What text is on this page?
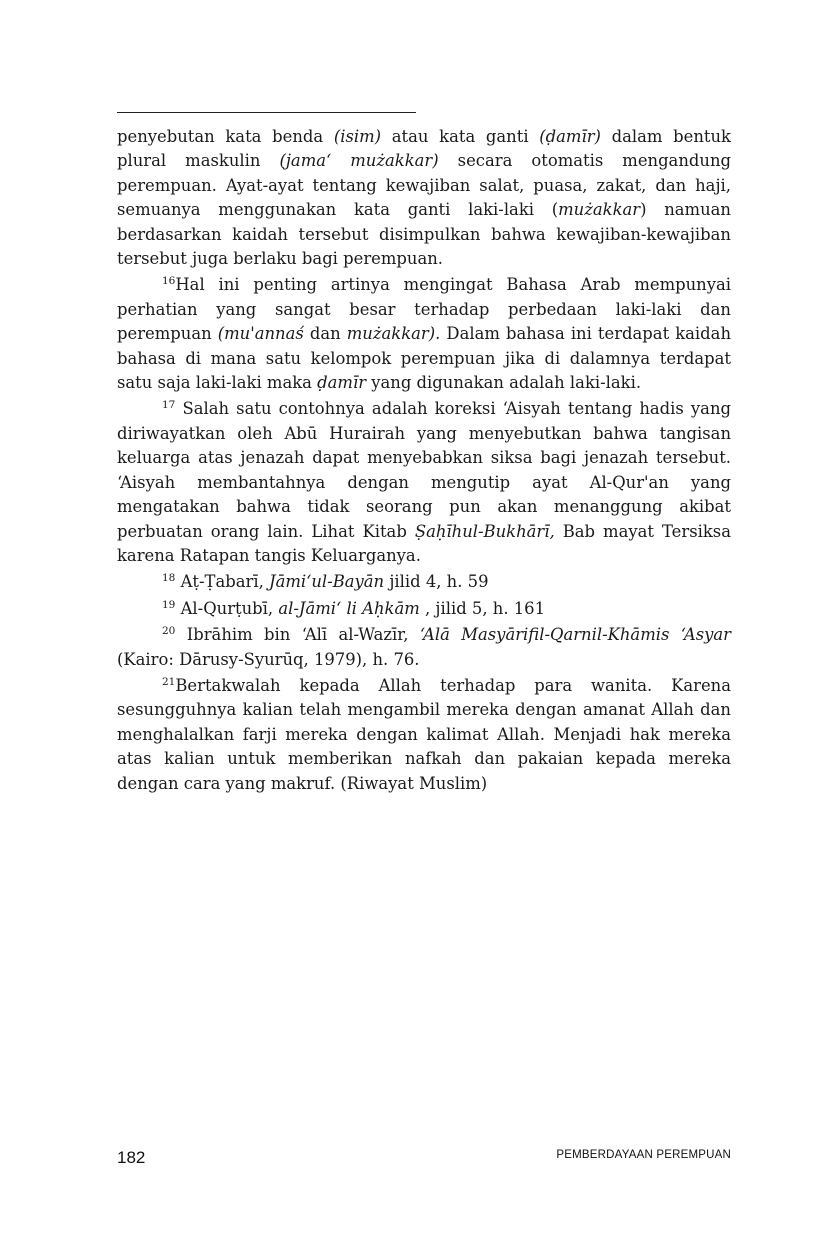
penyebutan kata benda (isim) atau kata ganti (ḍamīr) dalam bentuk plural maskulin (jama‘ mużakkar) secara otomatis mengandung perempuan. Ayat-ayat tentang kewajiban salat, puasa, zakat, dan haji, semuanya menggunakan kata ganti laki-laki (mużakkar) namuan berdasarkan kaidah tersebut disimpulkan bahwa kewajiban-kewajiban tersebut juga berlaku bagi perempuan.

$^{16}$Hal ini penting artinya mengingat Bahasa Arab mempunyai perhatian yang sangat besar terhadap perbedaan laki-laki dan perempuan (mu'annaś dan mużakkar). Dalam bahasa ini terdapat kaidah bahasa di mana satu kelompok perempuan jika di dalamnya terdapat satu saja laki-laki maka ḍamīr yang digunakan adalah laki-laki.

$^{17}$ Salah satu contohnya adalah koreksi ‘Aisyah tentang hadis yang diriwayatkan oleh Abū Hurairah yang menyebutkan bahwa tangisan keluarga atas jenazah dapat menyebabkan siksa bagi jenazah tersebut. ‘Aisyah membantahnya dengan mengutip ayat Al-Qur'an yang mengatakan bahwa tidak seorang pun akan menanggung akibat perbuatan orang lain. Lihat Kitab Ṣaḥīhul-Bukhārī, Bab mayat Tersiksa karena Ratapan tangis Keluarganya.

$^{18}$ Aṭ-Ṭabarī, Jāmi‘ul-Bayān jilid 4, h. 59

$^{19}$ Al-Qurṭubī, al-Jāmi‘ li Aḥkām , jilid 5, h. 161

$^{20}$ Ibrāhim bin ‘Alī al-Wazīr, ‘Alā Masyārifil-Qarnil-Khāmis ‘Asyar (Kairo: Dārusy-Syurūq, 1979), h. 76.

$^{21}$Bertakwalah kepada Allah terhadap para wanita. Karena sesungguhnya kalian telah mengambil mereka dengan amanat Allah dan menghalalkan farji mereka dengan kalimat Allah. Menjadi hak mereka atas kalian untuk memberikan nafkah dan pakaian kepada mereka dengan cara yang makruf. (Riwayat Muslim)

182	PEMBERDAYAAN PEREMPUAN
